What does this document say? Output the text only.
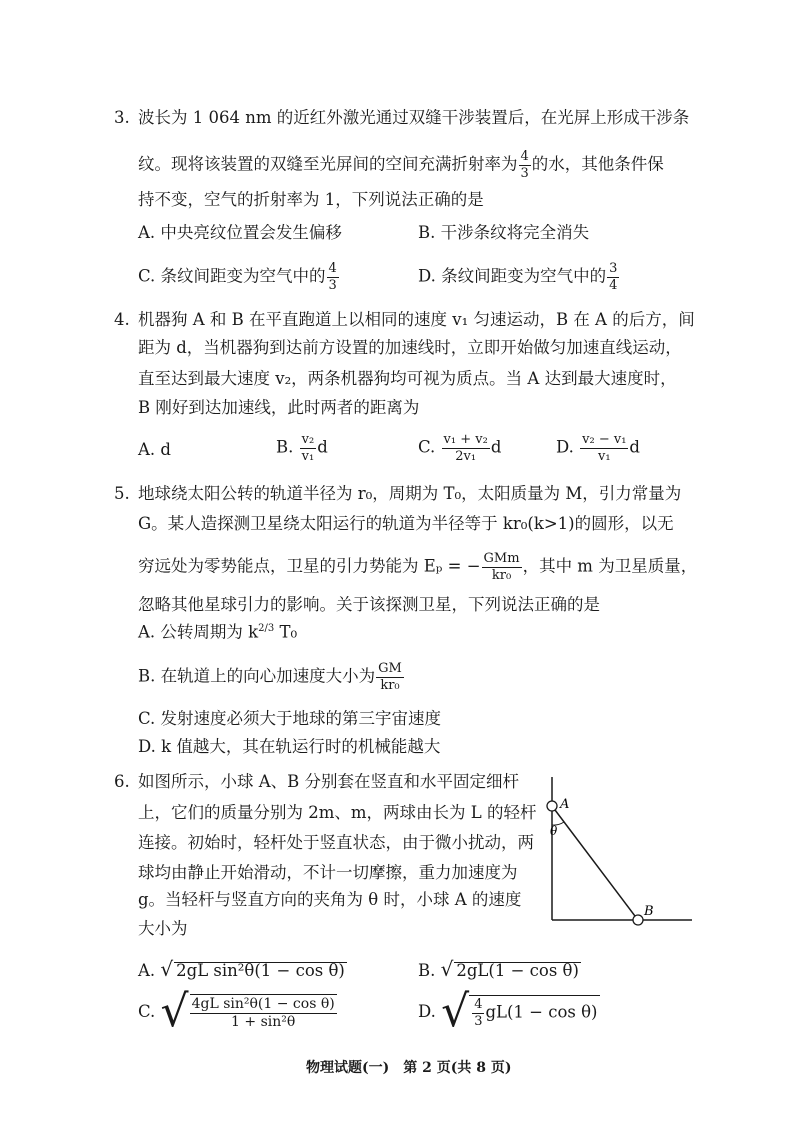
3. 波长为 1 064 nm 的近红外激光通过双缝干涉装置后，在光屏上形成干涉条
纹。现将该装置的双缝至光屏间的空间充满折射率为 $\frac{4}{3}$ 的水，其他条件保
持不变，空气的折射率为 1，下列说法正确的是
A. 中央亮纹位置会发生偏移	B. 干涉条纹将完全消失
C. 条纹间距变为空气中的 $\frac{4}{3}$	D. 条纹间距变为空气中的 $\frac{3}{4}$
4. 机器狗 A 和 B 在平直跑道上以相同的速度 v₁ 匀速运动，B 在 A 的后方，间
距为 d，当机器狗到达前方设置的加速线时，立即开始做匀加速直线运动，
直至达到最大速度 v₂，两条机器狗均可视为质点。当 A 达到最大速度时，
B 刚好到达加速线，此时两者的距离为
A. d	B. $\frac{\text{v₂}}{\text{v₁}}$ d	C. $\frac{\text{v₁ + v₂}}{\text{2v₁}}$ d	D. $\frac{\text{v₂ − v₁}}{\text{v₁}}$ d
5. 地球绕太阳公转的轨道半径为 r₀，周期为 T₀，太阳质量为 M，引力常量为
G。某人造探测卫星绕太阳运行的轨道为半径等于 kr₀(k>1)的圆形，以无
穷远处为零势能点，卫星的引力势能为 Eₚ = − $\frac{\text{GMm}}{\text{kr₀}}$ ，其中 m 为卫星质量，
忽略其他星球引力的影响。关于该探测卫星，下列说法正确的是
A. 公转周期为 $k^{2/3}$ T₀
B. 在轨道上的向心加速度大小为 $\frac{GM}{\text{kr₀}}$
C. 发射速度必须大于地球的第三宇宙速度
D. k 值越大，其在轨运行时的机械能越大
6. 如图所示，小球 A、B 分别套在竖直和水平固定细杆
上，它们的质量分别为 2m、m，两球由长为 L 的轻杆
连接。初始时，轻杆处于竖直状态，由于微小扰动，两
球均由静止开始滑动，不计一切摩擦，重力加速度为
g。当轻杆与竖直方向的夹角为 θ 时，小球 A 的速度
大小为
A
B
θ
A. √ 2gL sin²θ(1 − cos θ)	B. √ 2gL(1 − cos θ)
C. √ $\frac{\text{4gL sin²θ(1 − cos θ)}}{\text{1 + sin²θ}}$	D. √ $\frac{4}{3} gL(1 - \cos \theta)$
物理试题(一)　第 2 页(共 8 页)
